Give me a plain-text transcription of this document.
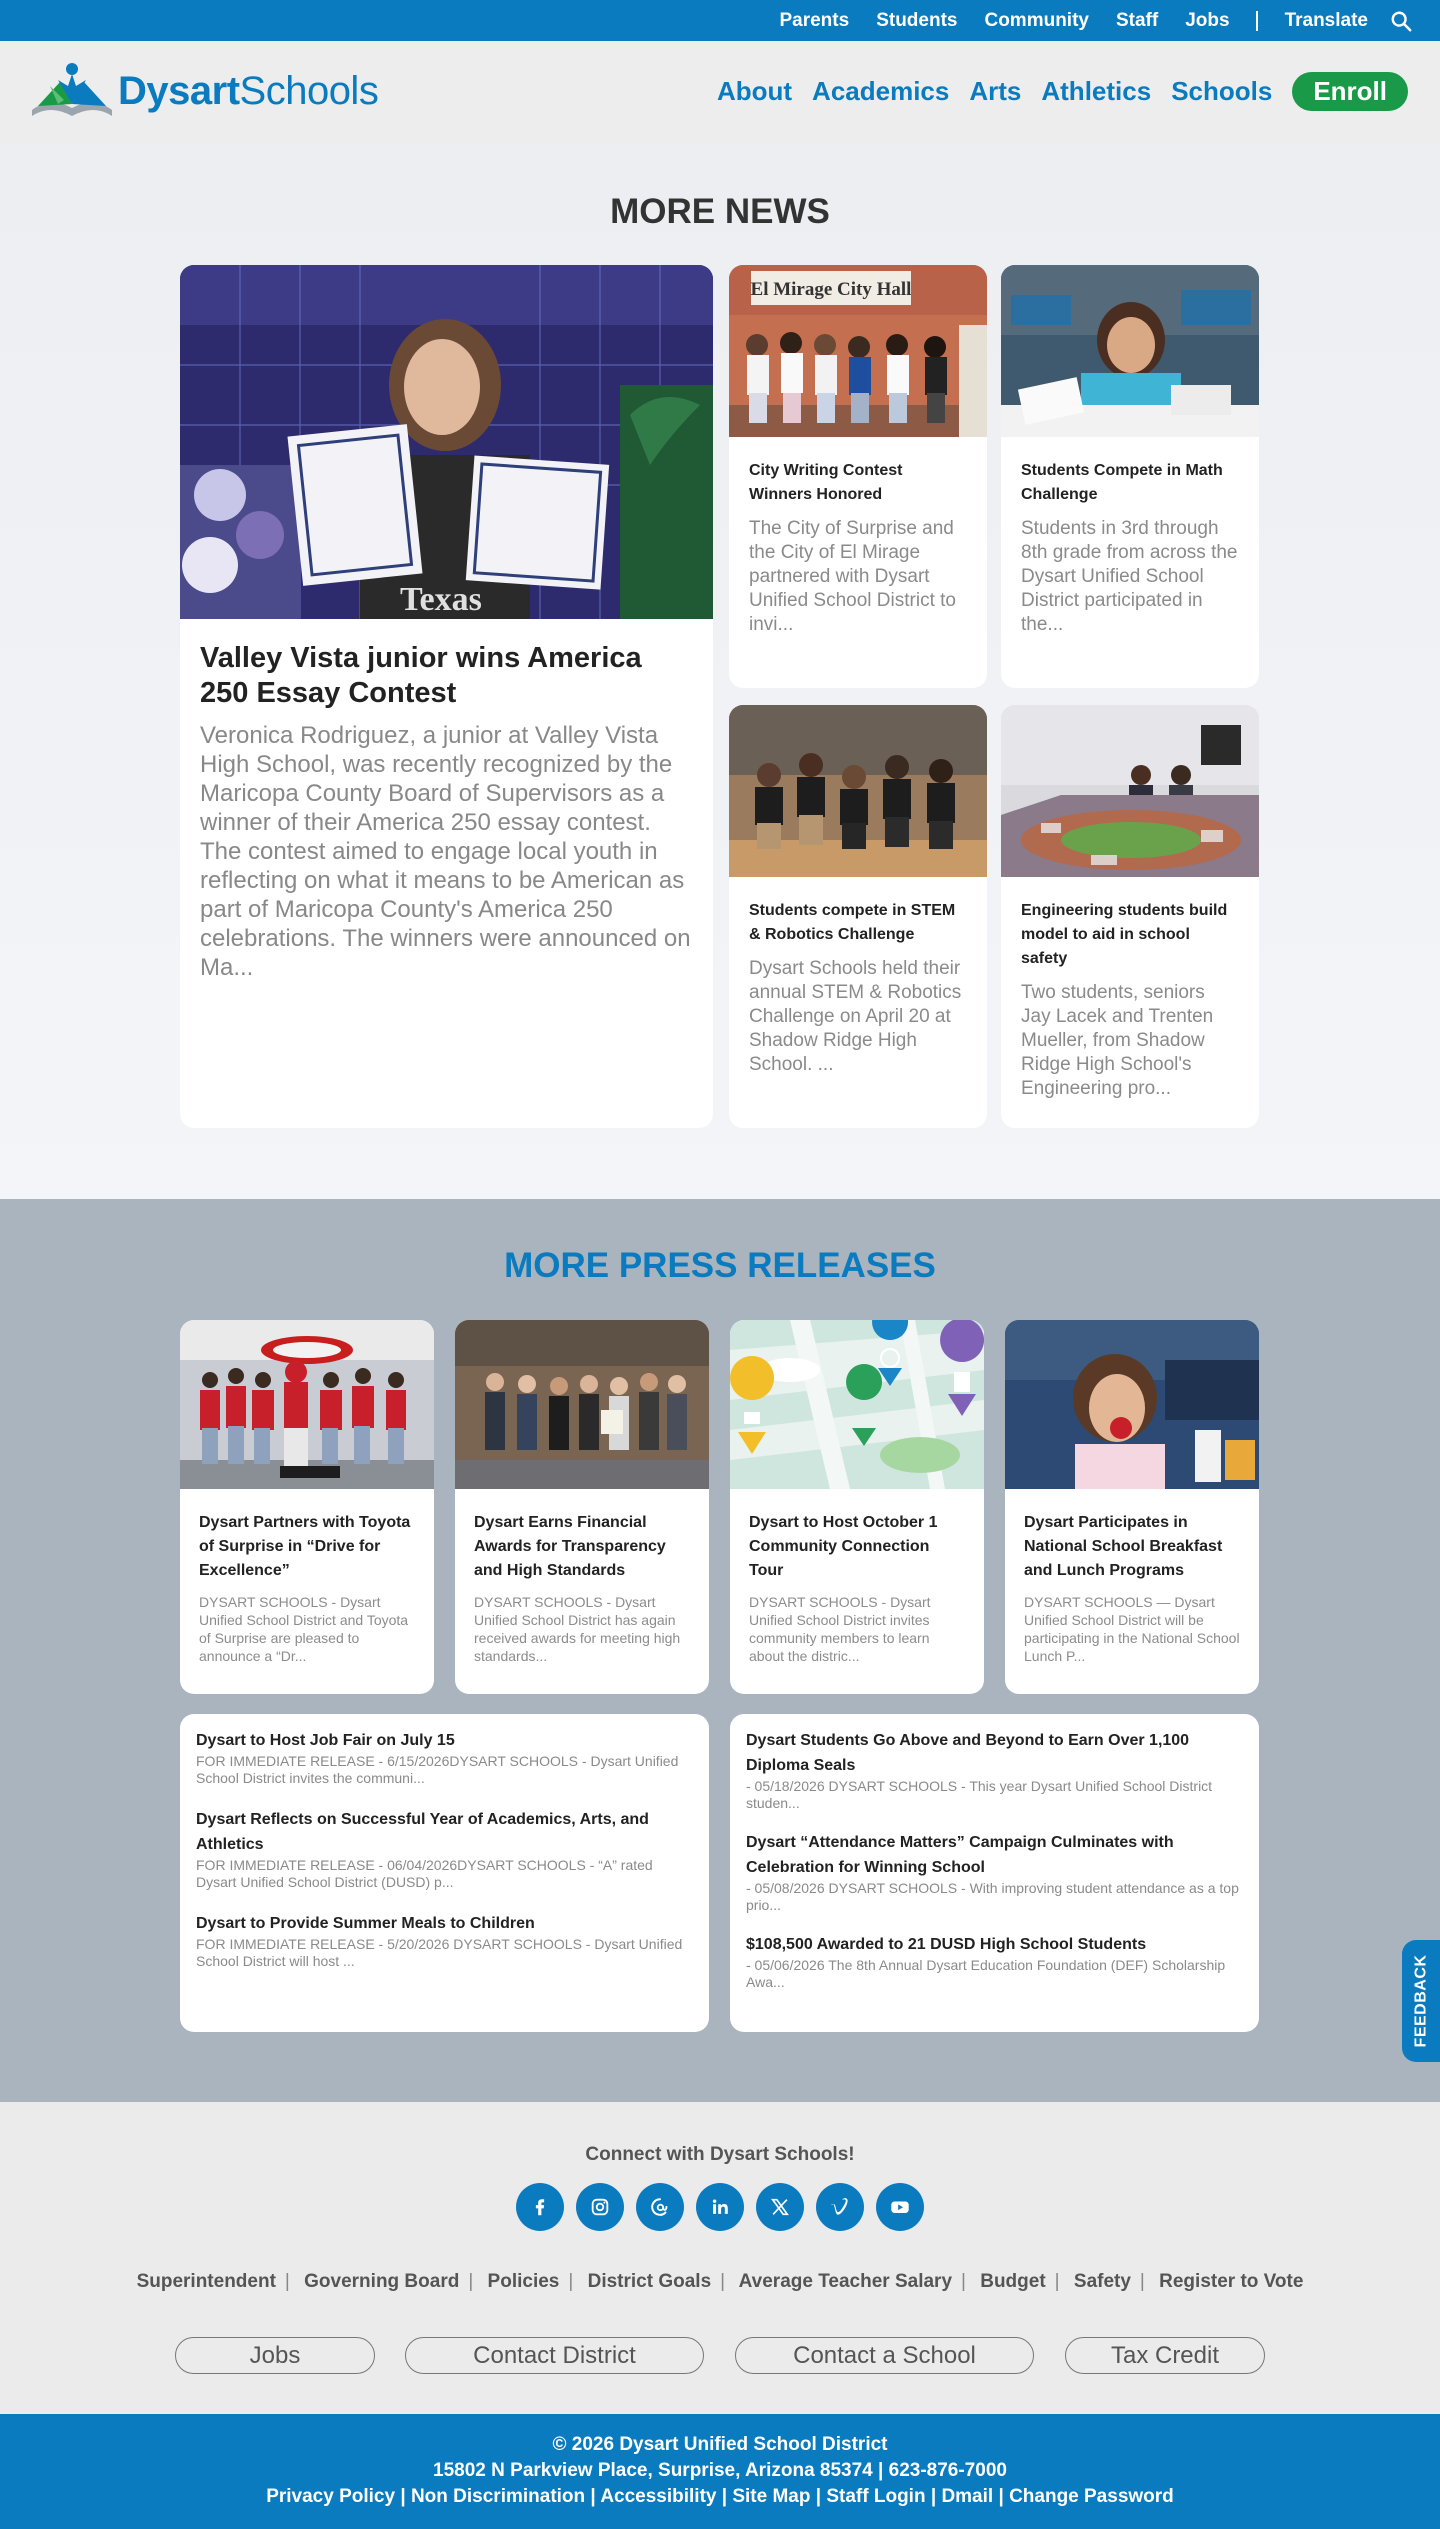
Parents Students Community Staff Jobs	Translate
DysartSchools	About Academics Arts Athletics Schools	Enroll
MORE NEWS
Texas
Valley Vista junior wins America 250 Essay Contest

Veronica Rodriguez, a junior at Valley Vista High School, was recently recognized by the Maricopa County Board of Supervisors as a winner of their America 250 essay contest. The contest aimed to engage local youth in reflecting on what it means to be American as part of Maricopa County's America 250 celebrations. The winners were announced on Ma...

El Mirage City Hall
City Writing Contest Winners Honored

The City of Surprise and the City of El Mirage partnered with Dysart Unified School District to invi...

Students Compete in Math Challenge

Students in 3rd through 8th grade from across the Dysart Unified School District participated in the...

Students compete in STEM & Robotics Challenge

Dysart Schools held their annual STEM & Robotics Challenge on April 20 at Shadow Ridge High School. ...

Engineering students build model to aid in school safety

Two students, seniors Jay Lacek and Trenten Mueller, from Shadow Ridge High School's Engineering pro...

MORE PRESS RELEASES
Dysart Partners with Toyota of Surprise in “Drive for Excellence”

DYSART SCHOOLS - Dysart Unified School District and Toyota of Surprise are pleased to announce a “Dr...

Dysart Earns Financial Awards for Transparency and High Standards

DYSART SCHOOLS - Dysart Unified School District has again received awards for meeting high standards...

Dysart to Host October 1 Community Connection Tour

DYSART SCHOOLS - Dysart Unified School District invites community members to learn about the distric...

Dysart Participates in National School Breakfast and Lunch Programs

DYSART SCHOOLS — Dysart Unified School District will be participating in the National School Lunch P...

Dysart to Host Job Fair on July 15

FOR IMMEDIATE RELEASE - 6/15/2026DYSART SCHOOLS - Dysart Unified School District invites the communi...

Dysart Reflects on Successful Year of Academics, Arts, and Athletics

FOR IMMEDIATE RELEASE - 06/04/2026DYSART SCHOOLS - “A” rated Dysart Unified School District (DUSD) p...

Dysart to Provide Summer Meals to Children

FOR IMMEDIATE RELEASE - 5/20/2026 DYSART SCHOOLS - Dysart Unified School District will host ...

Dysart Students Go Above and Beyond to Earn Over 1,100 Diploma Seals

- 05/18/2026 DYSART SCHOOLS - This year Dysart Unified School District studen...

Dysart “Attendance Matters” Campaign Culminates with Celebration for Winning School

- 05/08/2026 DYSART SCHOOLS - With improving student attendance as a top prio...

$108,500 Awarded to 21 DUSD High School Students

- 05/06/2026 The 8th Annual Dysart Education Foundation (DEF) Scholarship Awa...	FEEDBACK
Connect with Dysart Schools!
Superintendent | Governing Board | Policies | District Goals | Average Teacher Salary | Budget | Safety | Register to Vote
Jobs	Contact District	Contact a School	Tax Credit
© 2026 Dysart Unified School District
15802 N Parkview Place, Surprise, Arizona 85374 | 623-876-7000
Privacy Policy | Non Discrimination | Accessibility | Site Map | Staff Login | Dmail | Change Password
